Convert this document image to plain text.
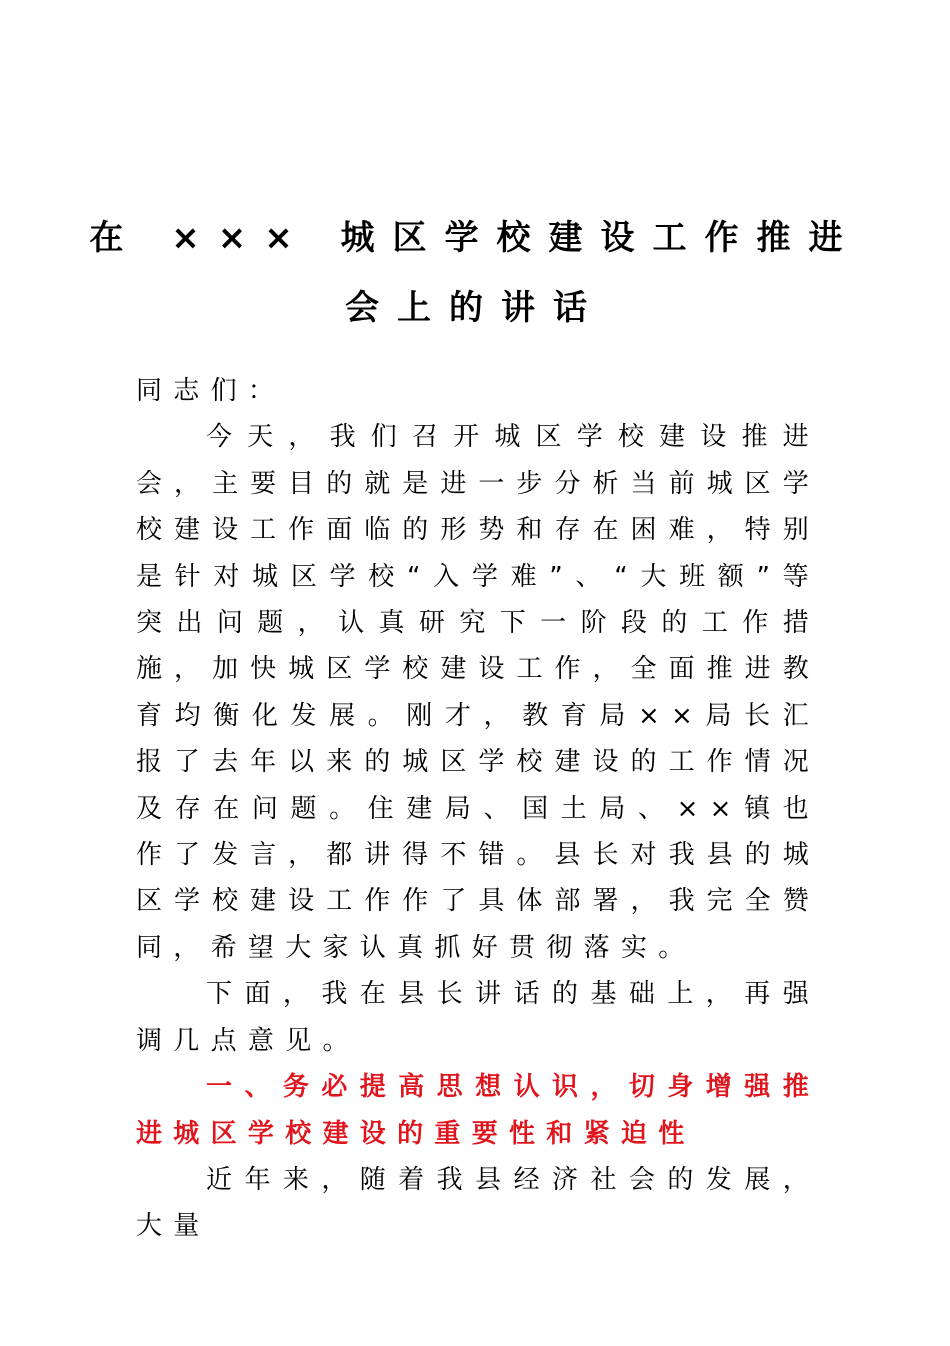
在 ××× 城区学校建设工作推进
会上的讲话

同志们：

今天，我们召开城区学校建设推进会，主要目的就是进一步分析当前城区学校建设工作面临的形势和存在困难，特别是针对城区学校“入学难”、“大班额”等突出问题，认真研究下一阶段的工作措施，加快城区学校建设工作，全面推进教育均衡化发展。刚才，教育局××局长汇报了去年以来的城区学校建设的工作情况及存在问题。住建局、国土局、××镇也作了发言，都讲得不错。县长对我县的城区学校建设工作作了具体部署，我完全赞同，希望大家认真抓好贯彻落实。

下面，我在县长讲话的基础上，再强调几点意见。

一、务必提高思想认识，切身增强推进城区学校建设的重要性和紧迫性

近年来，随着我县经济社会的发展，大量
